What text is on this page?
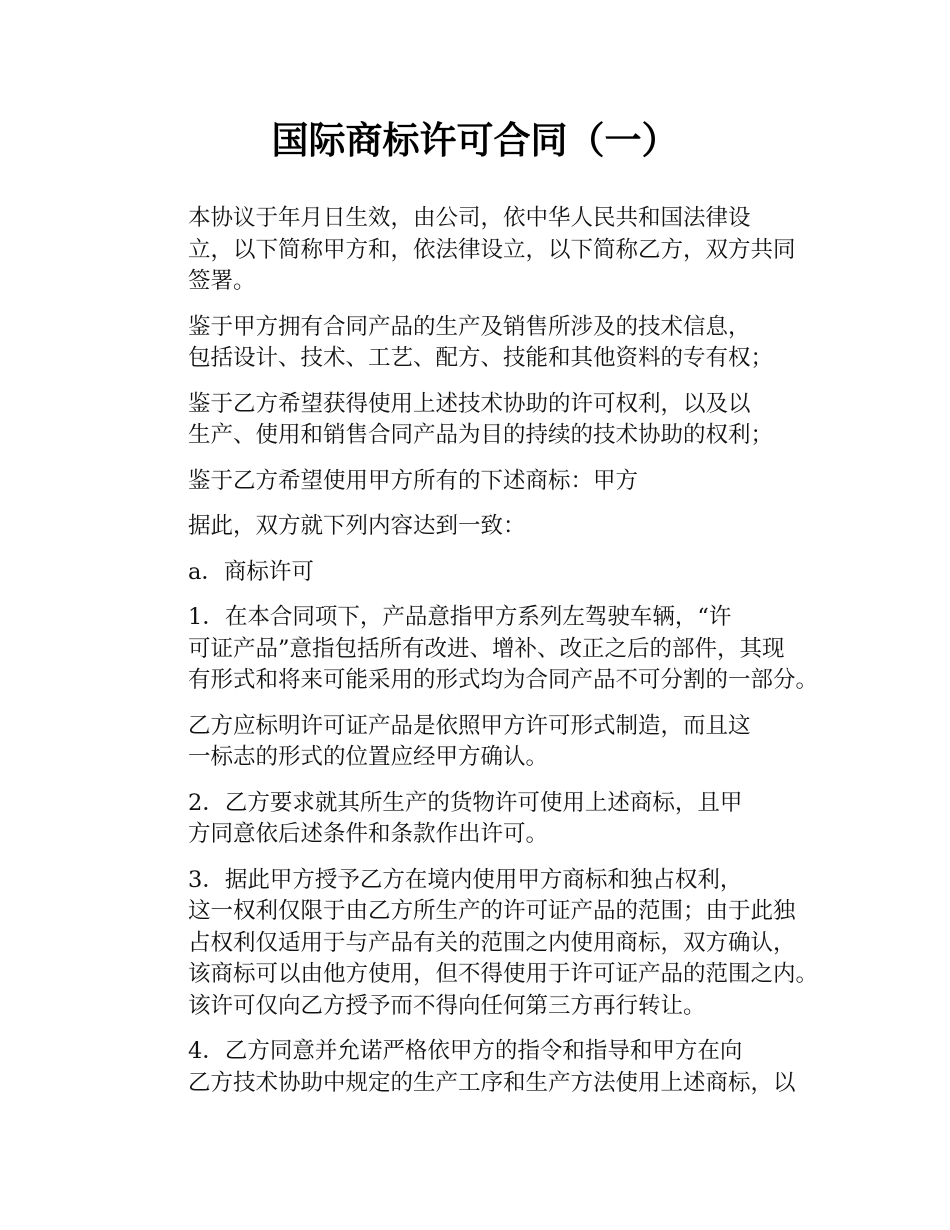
国际商标许可合同（一）

本协议于年月日生效，由公司，依中华人民共和国法律设
立，以下简称甲方和，依法律设立，以下简称乙方，双方共同
签署。

鉴于甲方拥有合同产品的生产及销售所涉及的技术信息，
包括设计、技术、工艺、配方、技能和其他资料的专有权；

鉴于乙方希望获得使用上述技术协助的许可权利，以及以
生产、使用和销售合同产品为目的持续的技术协助的权利；

鉴于乙方希望使用甲方所有的下述商标：甲方

据此，双方就下列内容达到一致：

a．商标许可

1．在本合同项下，产品意指甲方系列左驾驶车辆，“许
可证产品”意指包括所有改进、增补、改正之后的部件，其现
有形式和将来可能采用的形式均为合同产品不可分割的一部分。

乙方应标明许可证产品是依照甲方许可形式制造，而且这
一标志的形式的位置应经甲方确认。

2．乙方要求就其所生产的货物许可使用上述商标，且甲
方同意依后述条件和条款作出许可。

3．据此甲方授予乙方在境内使用甲方商标和独占权利，
这一权利仅限于由乙方所生产的许可证产品的范围；由于此独
占权利仅适用于与产品有关的范围之内使用商标，双方确认，
该商标可以由他方使用，但不得使用于许可证产品的范围之内。
该许可仅向乙方授予而不得向任何第三方再行转让。

4．乙方同意并允诺严格依甲方的指令和指导和甲方在向
乙方技术协助中规定的生产工序和生产方法使用上述商标，以
